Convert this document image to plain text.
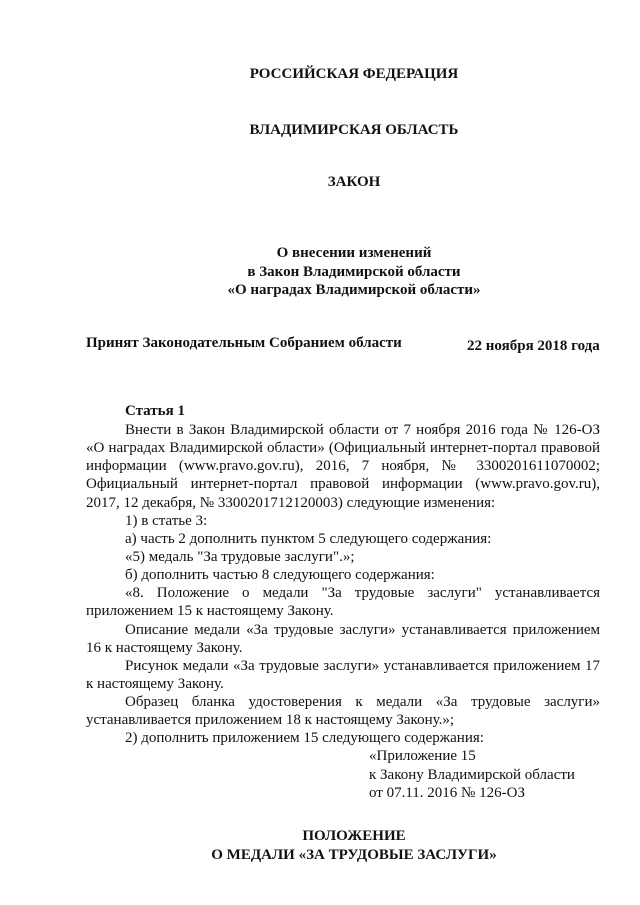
РОССИЙСКАЯ ФЕДЕРАЦИЯ
ВЛАДИМИРСКАЯ ОБЛАСТЬ
ЗАКОН
О внесении изменений
в Закон Владимирской области
«О наградах Владимирской области»
Принят Законодательным Собранием области	22 ноября 2018 года
Статья 1
Внести в Закон Владимирской области от 7 ноября 2016 года № 126-ОЗ
«О наградах Владимирской области» (Официальный интернет-портал правовой
информации (www.pravo.gov.ru), 2016, 7 ноября, № 3300201611070002;
Официальный интернет-портал правовой информации (www.pravo.gov.ru),
2017, 12 декабря, № 3300201712120003) следующие изменения:
1) в статье 3:
а) часть 2 дополнить пунктом 5 следующего содержания:
«5) медаль "За трудовые заслуги".»;
б) дополнить частью 8 следующего содержания:
«8. Положение о медали "За трудовые заслуги" устанавливается
приложением 15 к настоящему Закону.
Описание медали «За трудовые заслуги» устанавливается приложением
16 к настоящему Закону.
Рисунок медали «За трудовые заслуги» устанавливается приложением 17
к настоящему Закону.
Образец бланка удостоверения к медали «За трудовые заслуги»
устанавливается приложением 18 к настоящему Закону.»;
2) дополнить приложением 15 следующего содержания:
«Приложение 15
к Закону Владимирской области
от 07.11. 2016 № 126-ОЗ
ПОЛОЖЕНИЕ
О МЕДАЛИ «ЗА ТРУДОВЫЕ ЗАСЛУГИ»
